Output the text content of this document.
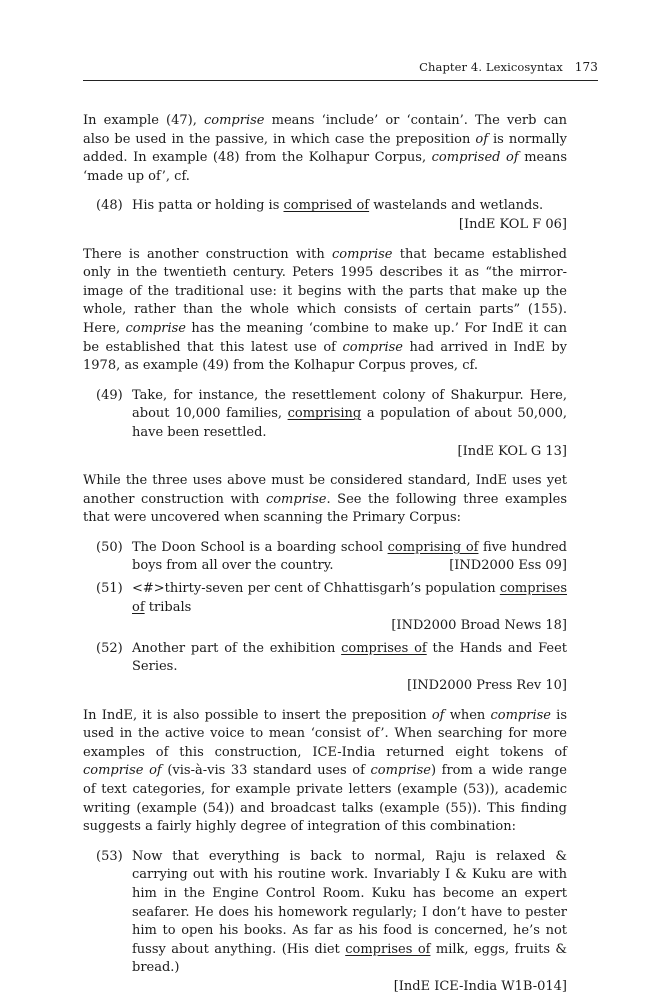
Chapter 4. Lexicosyntax 173

In example (47), comprise means ‘include’ or ‘contain’. The verb can also be used in the passive, in which case the preposition of is normally added. In example (48) from the Kolhapur Corpus, comprised of means ‘made up of’, cf.

(48) His patta or holding is comprised of wastelands and wetlands.
[IndE KOL F 06]

There is another construction with comprise that became established only in the twentieth century. Peters 1995 describes it as “the mirror-image of the traditional use: it begins with the parts that make up the whole, rather than the whole which consists of certain parts” (155). Here, comprise has the meaning ‘combine to make up.’ For IndE it can be established that this latest use of comprise had arrived in IndE by 1978, as example (49) from the Kolhapur Corpus proves, cf.

(49) Take, for instance, the resettlement colony of Shakurpur. Here, about 10,000 families, comprising a population of about 50,000, have been resettled.
[IndE KOL G 13]

While the three uses above must be considered standard, IndE uses yet another construction with comprise. See the following three examples that were uncovered when scanning the Primary Corpus:

(50) The Doon School is a boarding school comprising of five hundred boys from all over the country.	[IND2000 Ess 09]
(51) <#>thirty-seven per cent of Chhattisgarh’s population comprises of tribals
[IND2000 Broad News 18]
(52) Another part of the exhibition comprises of the Hands and Feet Series.
[IND2000 Press Rev 10]

In IndE, it is also possible to insert the preposition of when comprise is used in the active voice to mean ‘consist of’. When searching for more examples of this construction, ICE-India returned eight tokens of comprise of (vis-à-vis 33 standard uses of comprise) from a wide range of text categories, for example private letters (example (53)), academic writing (example (54)) and broadcast talks (example (55)). This finding suggests a fairly highly degree of integration of this combination:

(53) Now that everything is back to normal, Raju is relaxed & carrying out with his routine work. Invariably I & Kuku are with him in the Engine Control Room. Kuku has become an expert seafarer. He does his homework regularly; I don’t have to pester him to open his books. As far as his food is concerned, he’s not fussy about anything. (His diet comprises of milk, eggs, fruits & bread.)
[IndE ICE-India W1B-014]
